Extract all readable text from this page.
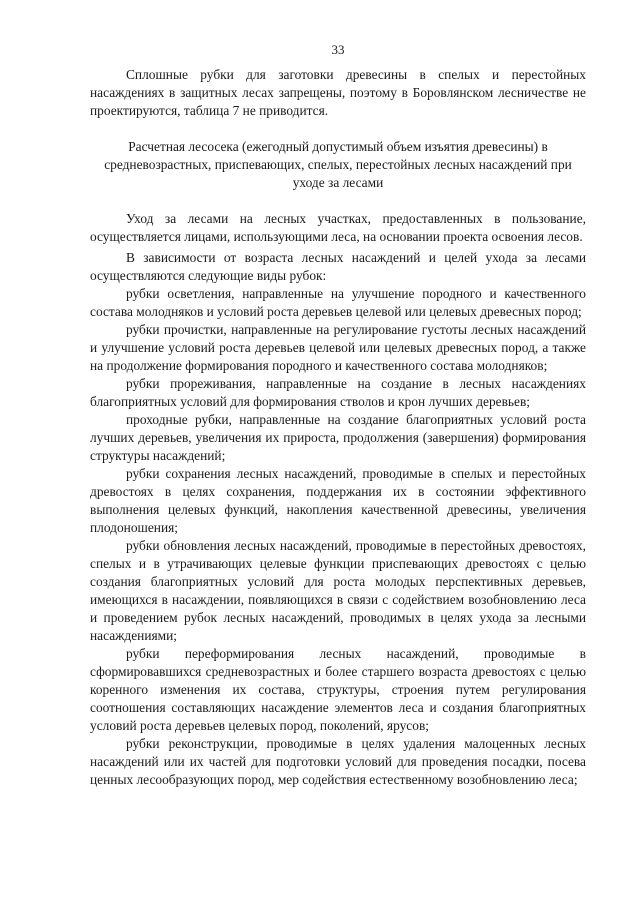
33

Сплошные рубки для заготовки древесины в спелых и перестойных насаждениях в защитных лесах запрещены, поэтому в Боровлянском лесничестве не проектируются, таблица 7 не приводится.

Расчетная лесосека (ежегодный допустимый объем изъятия древесины) в средневозрастных, приспевающих, спелых, перестойных лесных насаждений при уходе за лесами

Уход за лесами на лесных участках, предоставленных в пользование, осуществляется лицами, использующими леса, на основании проекта освоения лесов.

В зависимости от возраста лесных насаждений и целей ухода за лесами осуществляются следующие виды рубок:

рубки осветления, направленные на улучшение породного и качественного состава молодняков и условий роста деревьев целевой или целевых древесных пород;

рубки прочистки, направленные на регулирование густоты лесных насаждений и улучшение условий роста деревьев целевой или целевых древесных пород, а также на продолжение формирования породного и качественного состава молодняков;

рубки прореживания, направленные на создание в лесных насаждениях благоприятных условий для формирования стволов и крон лучших деревьев;

проходные рубки, направленные на создание благоприятных условий роста лучших деревьев, увеличения их прироста, продолжения (завершения) формирования структуры насаждений;

рубки сохранения лесных насаждений, проводимые в спелых и перестойных древостоях в целях сохранения, поддержания их в состоянии эффективного выполнения целевых функций, накопления качественной древесины, увеличения плодоношения;

рубки обновления лесных насаждений, проводимые в перестойных древостоях, спелых и в утрачивающих целевые функции приспевающих древостоях с целью создания благоприятных условий для роста молодых перспективных деревьев, имеющихся в насаждении, появляющихся в связи с содействием возобновлению леса и проведением рубок лесных насаждений, проводимых в целях ухода за лесными насаждениями;

рубки переформирования лесных насаждений, проводимые в сформировавшихся средневозрастных и более старшего возраста древостоях с целью коренного изменения их состава, структуры, строения путем регулирования соотношения составляющих насаждение элементов леса и создания благоприятных условий роста деревьев целевых пород, поколений, ярусов;

рубки реконструкции, проводимые в целях удаления малоценных лесных насаждений или их частей для подготовки условий для проведения посадки, посева ценных лесообразующих пород, мер содействия естественному возобновлению леса;
